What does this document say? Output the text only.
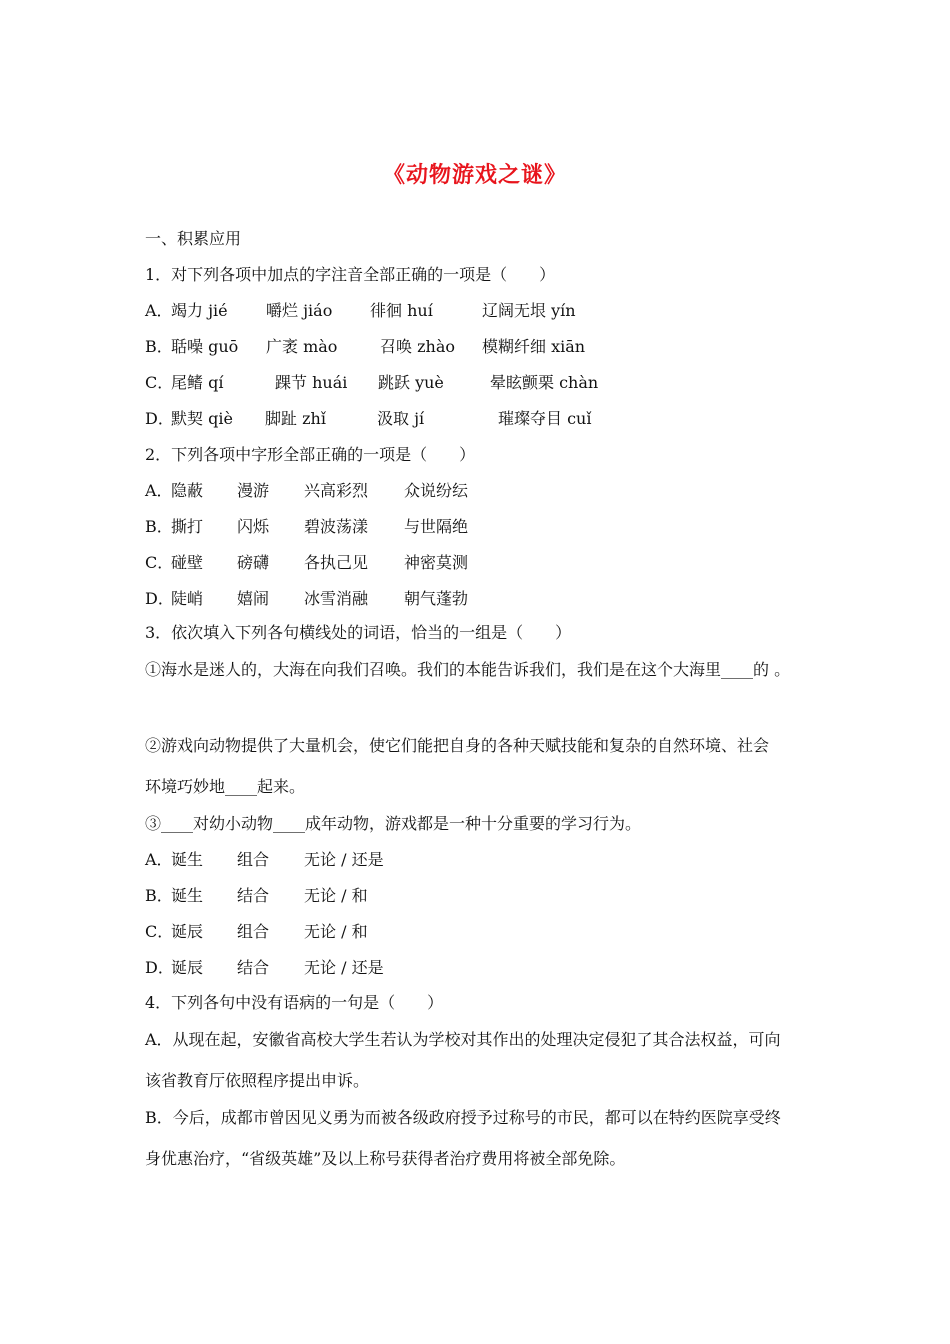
《动物游戏之谜》
一、积累应用
1．对下列各项中加点的字注音全部正确的一项是（　　）
A．
竭力 jié 嚼烂 jiáo 徘徊 huí	辽阔无垠 yín
B．
聒噪 guō 广袤 mào	召唤 zhào 模糊纤细 xiān
C．
尾鳍 qí	踝节 huái 跳跃 yuè	晕眩颤栗 chàn
D．
默契 qiè 脚趾 zhǐ	汲取 jí	璀璨夺目 cuǐ
2．下列各项中字形全部正确的一项是（　　）
A．
隐蔽 漫游 兴高彩烈 众说纷纭
B．
撕打 闪烁 碧波荡漾 与世隔绝
C．
碰壁 磅礴 各执己见 神密莫测
D．
陡峭 嬉闹 冰雪消融 朝气蓬勃
3．依次填入下列各句横线处的词语，恰当的一组是（　　）
①海水是迷人的，大海在向我们召唤。我们的本能告诉我们，我们是在这个大海里____的 。
②游戏向动物提供了大量机会，使它们能把自身的各种天赋技能和复杂的自然环境、社会
环境巧妙地____起来。
③____对幼小动物____成年动物，游戏都是一种十分重要的学习行为。
A．
诞生 组合 无论 / 还是
B．
诞生 结合 无论 / 和
C．
诞辰 组合 无论 / 和
D．
诞辰 结合 无论 / 还是
4．下列各句中没有语病的一句是（　　）
A．从现在起，安徽省高校大学生若认为学校对其作出的处理决定侵犯了其合法权益，可向
该省教育厅依照程序提出申诉。
B．今后，成都市曾因见义勇为而被各级政府授予过称号的市民，都可以在特约医院享受终
身优惠治疗，“省级英雄”及以上称号获得者治疗费用将被全部免除。
